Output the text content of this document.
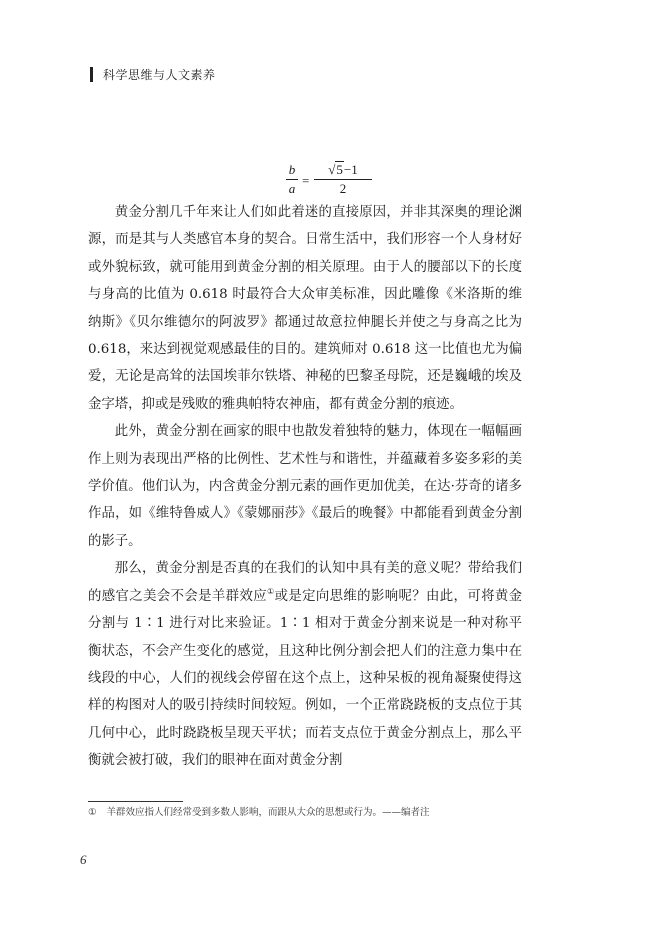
科学思维与人文素养
b
a
=
√5−1
2

黄金分割几千年来让人们如此着迷的直接原因，并非其深奥的理论渊源，而是其与人类感官本身的契合。日常生活中，我们形容一个人身材好或外貌标致，就可能用到黄金分割的相关原理。由于人的腰部以下的长度与身高的比值为 0.618 时最符合大众审美标准，因此雕像《米洛斯的维纳斯》《贝尔维德尔的阿波罗》都通过故意拉伸腿长并使之与身高之比为0.618，来达到视觉观感最佳的目的。建筑师对 0.618 这一比值也尤为偏爱，无论是高耸的法国埃菲尔铁塔、神秘的巴黎圣母院，还是巍峨的埃及金字塔，抑或是残败的雅典帕特农神庙，都有黄金分割的痕迹。

此外，黄金分割在画家的眼中也散发着独特的魅力，体现在一幅幅画作上则为表现出严格的比例性、艺术性与和谐性，并蕴藏着多姿多彩的美学价值。他们认为，内含黄金分割元素的画作更加优美，在达·芬奇的诸多作品，如《维特鲁威人》《蒙娜丽莎》《最后的晚餐》中都能看到黄金分割的影子。

那么，黄金分割是否真的在我们的认知中具有美的意义呢？带给我们的感官之美会不会是羊群效应①或是定向思维的影响呢？由此，可将黄金分割与 1∶1 进行对比来验证。1∶1 相对于黄金分割来说是一种对称平衡状态，不会产生变化的感觉，且这种比例分割会把人们的注意力集中在线段的中心，人们的视线会停留在这个点上，这种呆板的视角凝聚使得这样的构图对人的吸引持续时间较短。例如，一个正常跷跷板的支点位于其几何中心，此时跷跷板呈现天平状；而若支点位于黄金分割点上，那么平衡就会被打破，我们的眼神在面对黄金分割

① 羊群效应指人们经常受到多数人影响，而跟从大众的思想或行为。——编者注
6
